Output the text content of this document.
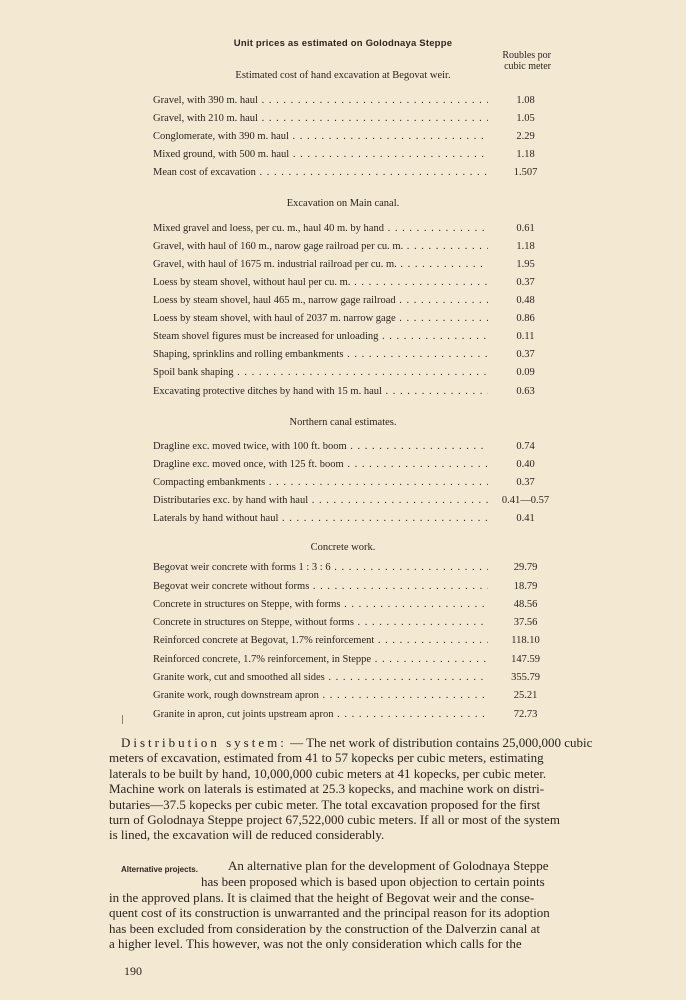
Unit prices as estimated on Golodnaya Steppe
Roubles por
cubic meter
Estimated cost of hand excavation at Begovat weir.
Gravel, with 390 m. haul . . .	1.08
Gravel, with 210 m. haul . . .	1.05
Conglomerate, with 390 m. haul . . .	2.29
Mixed ground, with 500 m. haul . . .	1.18
Mean cost of excavation . . .	1.507
Excavation on Main canal.
Mixed gravel and loess, per cu. m., haul 40 m. by hand . . .	0.61
Gravel, with haul of 160 m., narow gage railroad per cu. m. . . .	1.18
Gravel, with haul of 1675 m. industrial railroad per cu. m. . . .	1.95
Loess by steam shovel, without haul per cu. m. . . .	0.37
Loess by steam shovel, haul 465 m., narrow gage railroad . . .	0.48
Loess by steam shovel, with haul of 2037 m. narrow gage . . .	0.86
Steam shovel figures must be increased for unloading . . .	0.11
Shaping, sprinklins and rolling embankments . . .	0.37
Spoil bank shaping . . .	0.09
Excavating protective ditches by hand with 15 m. haul . . .	0.63
Northern canal estimates.
Dragline exc. moved twice, with 100 ft. boom . . .	0.74
Dragline exc. moved once, with 125 ft. boom . . .	0.40
Compacting embankments . . .	0.37
Distributaries exc. by hand with haul . . .	0.41—0.57
Laterals by hand without haul . . .	0.41
Concrete work.
Begovat weir concrete with forms 1 : 3 : 6 . . .	29.79
Begovat weir concrete without forms . . .	18.79
Concrete in structures on Steppe, with forms . . .	48.56
Concrete in structures on Steppe, without forms . . .	37.56
Reinforced concrete at Begovat, 1.7% reinforcement . . .	118.10
Reinforced concrete, 1.7% reinforcement, in Steppe . . .	147.59
Granite work, cut and smoothed all sides . . .	355.79
Granite work, rough downstream apron . . .	25.21
Granite in apron, cut joints upstream apron . . .	72.73
Distribution system: — The net work of distribution contains 25,000,000 cubic
meters of excavation, estimated from 41 to 57 kopecks per cubic meters, estimating
laterals to be built by hand, 10,000,000 cubic meters at 41 kopecks, per cubic meter.
Machine work on laterals is estimated at 25.3 kopecks, and machine work on distri-
butaries—37.5 kopecks per cubic meter. The total excavation proposed for the first
turn of Golodnaya Steppe project 67,522,000 cubic meters. If all or most of the system
is lined, the excavation will de reduced considerably.
Alternative projects. An alternative plan for the development of Golodnaya Steppe
has been proposed which is based upon objection to certain points
in the approved plans. It is claimed that the height of Begovat weir and the conse-
quent cost of its construction is unwarranted and the principal reason for its adoption
has been excluded from consideration by the construction of the Dalverzin canal at
a higher level. This however, was not the only consideration which calls for the
190
